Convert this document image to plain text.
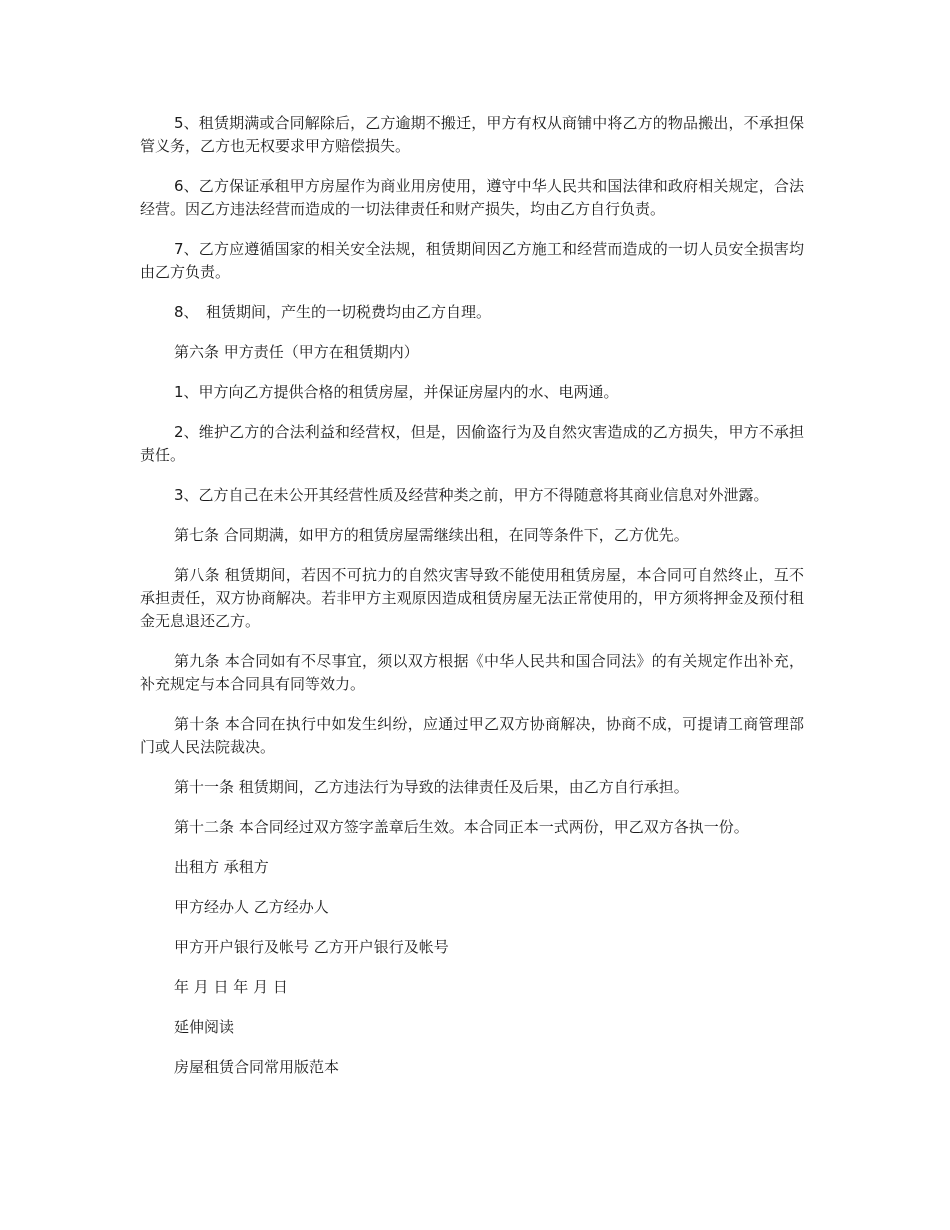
5、租赁期满或合同解除后，乙方逾期不搬迁，甲方有权从商铺中将乙方的物品搬出，不承担保管义务，乙方也无权要求甲方赔偿损失。

6、乙方保证承租甲方房屋作为商业用房使用，遵守中华人民共和国法律和政府相关规定，合法经营。因乙方违法经营而造成的一切法律责任和财产损失，均由乙方自行负责。

7、乙方应遵循国家的相关安全法规，租赁期间因乙方施工和经营而造成的一切人员安全损害均由乙方负责。

8、　租赁期间，产生的一切税费均由乙方自理。

第六条 甲方责任（甲方在租赁期内）

1、甲方向乙方提供合格的租赁房屋，并保证房屋内的水、电两通。

2、维护乙方的合法利益和经营权，但是，因偷盗行为及自然灾害造成的乙方损失，甲方不承担责任。

3、乙方自己在未公开其经营性质及经营种类之前，甲方不得随意将其商业信息对外泄露。

第七条 合同期满，如甲方的租赁房屋需继续出租，在同等条件下，乙方优先。

第八条 租赁期间，若因不可抗力的自然灾害导致不能使用租赁房屋，本合同可自然终止，互不承担责任，双方协商解决。若非甲方主观原因造成租赁房屋无法正常使用的，甲方须将押金及预付租金无息退还乙方。

第九条 本合同如有不尽事宜，须以双方根据《中华人民共和国合同法》的有关规定作出补充，补充规定与本合同具有同等效力。

第十条 本合同在执行中如发生纠纷，应通过甲乙双方协商解决，协商不成，可提请工商管理部门或人民法院裁决。

第十一条 租赁期间，乙方违法行为导致的法律责任及后果，由乙方自行承担。

第十二条 本合同经过双方签字盖章后生效。本合同正本一式两份，甲乙双方各执一份。

出租方 承租方

甲方经办人 乙方经办人

甲方开户银行及帐号 乙方开户银行及帐号

年 月 日 年 月 日

延伸阅读

房屋租赁合同常用版范本
